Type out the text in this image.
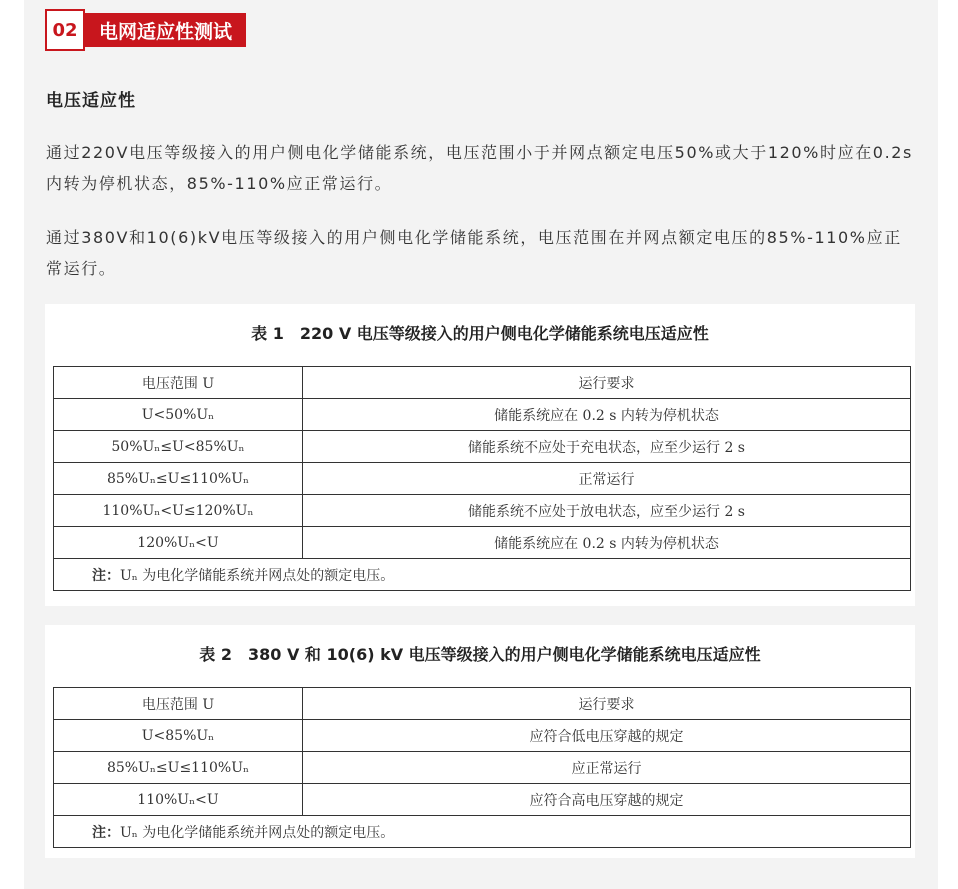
02	电网适应性测试
电压适应性
通过220V电压等级接入的用户侧电化学储能系统，电压范围小于并网点额定电压50%或大于120%时应在0.2s内转为停机状态，85%-110%应正常运行。
通过380V和10(6)kV电压等级接入的用户侧电化学储能系统，电压范围在并网点额定电压的85%-110%应正常运行。
表 1　220 V 电压等级接入的用户侧电化学储能系统电压适应性
电压范围 U	运行要求
U<50%Uₙ	储能系统应在 0.2 s 内转为停机状态
50%Uₙ≤U<85%Uₙ	储能系统不应处于充电状态，应至少运行 2 s
85%Uₙ≤U≤110%Uₙ	正常运行
110%Uₙ<U≤120%Uₙ	储能系统不应处于放电状态，应至少运行 2 s
120%Uₙ<U	储能系统应在 0.2 s 内转为停机状态
注：Uₙ 为电化学储能系统并网点处的额定电压。	
表 2　380 V 和 10(6) kV 电压等级接入的用户侧电化学储能系统电压适应性
电压范围 U	运行要求
U<85%Uₙ	应符合低电压穿越的规定
85%Uₙ≤U≤110%Uₙ	应正常运行
110%Uₙ<U	应符合高电压穿越的规定
注：Uₙ 为电化学储能系统并网点处的额定电压。	
